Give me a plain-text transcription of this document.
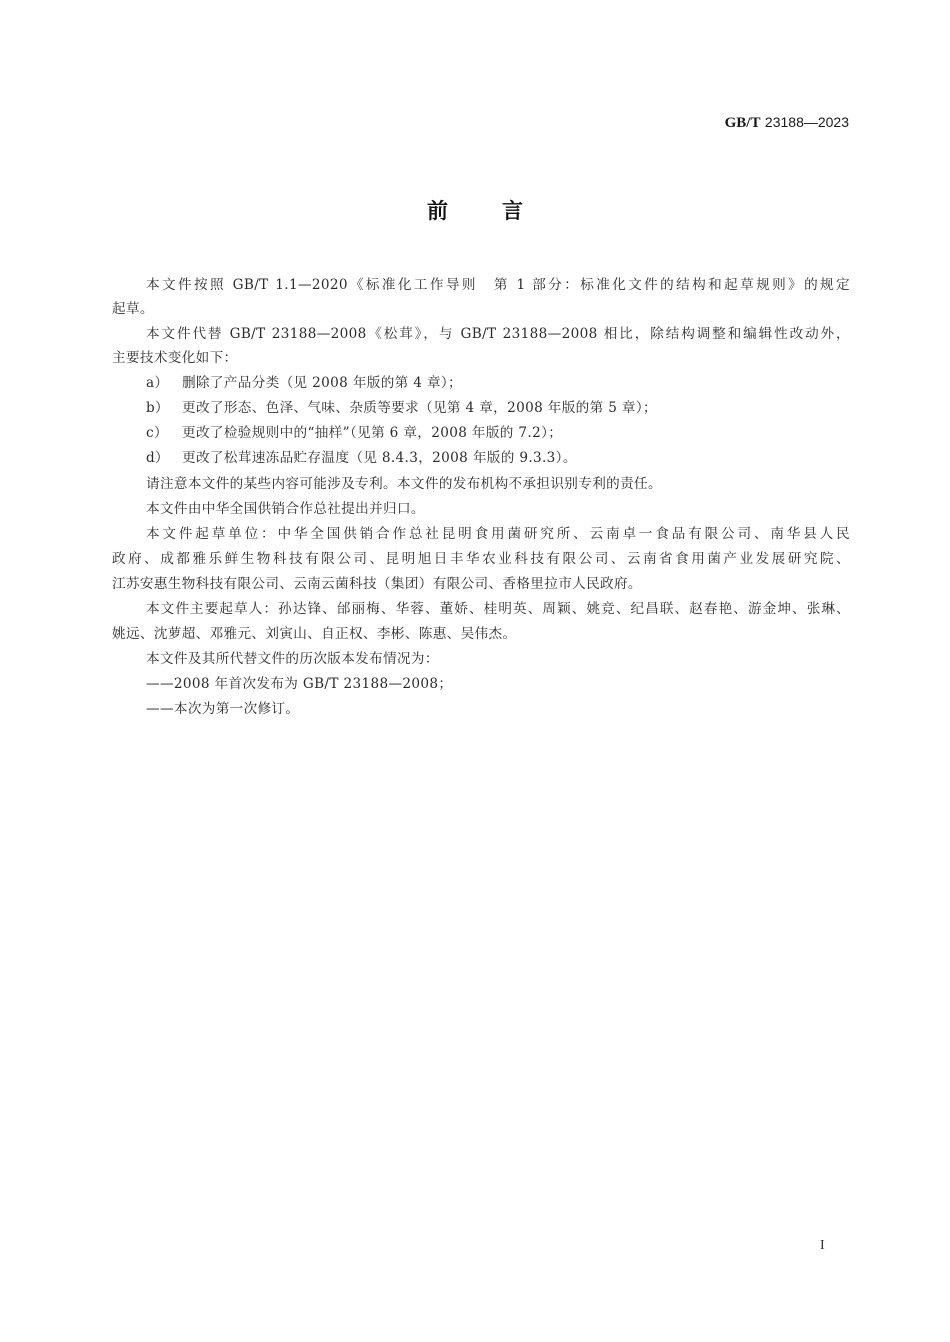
GB/T 23188—2023
前	言
本文件按照 GB/T 1.1—2020《标准化工作导则　第 1 部分：标准化文件的结构和起草规则》的规定
起草。
本文件代替 GB/T 23188—2008《松茸》，与 GB/T 23188—2008 相比，除结构调整和编辑性改动外，
主要技术变化如下：
a） 删除了产品分类（见 2008 年版的第 4 章）；
b） 更改了形态、色泽、气味、杂质等要求（见第 4 章，2008 年版的第 5 章）；
c） 更改了检验规则中的“抽样”（见第 6 章，2008 年版的 7.2）；
d） 更改了松茸速冻品贮存温度（见 8.4.3，2008 年版的 9.3.3）。
请注意本文件的某些内容可能涉及专利。本文件的发布机构不承担识别专利的责任。
本文件由中华全国供销合作总社提出并归口。
本文件起草单位：中华全国供销合作总社昆明食用菌研究所、云南卓一食品有限公司、南华县人民
政府、成都雅乐鲜生物科技有限公司、昆明旭日丰华农业科技有限公司、云南省食用菌产业发展研究院、
江苏安惠生物科技有限公司、云南云菌科技（集团）有限公司、香格里拉市人民政府。
本文件主要起草人：孙达锋、邰丽梅、华蓉、董娇、桂明英、周颖、姚竞、纪昌联、赵春艳、游金坤、张琳、
姚远、沈萝超、邓雅元、刘寅山、自正权、李彬、陈惠、吴伟杰。
本文件及其所代替文件的历次版本发布情况为：
——2008 年首次发布为 GB/T 23188—2008；
——本次为第一次修订。
I
